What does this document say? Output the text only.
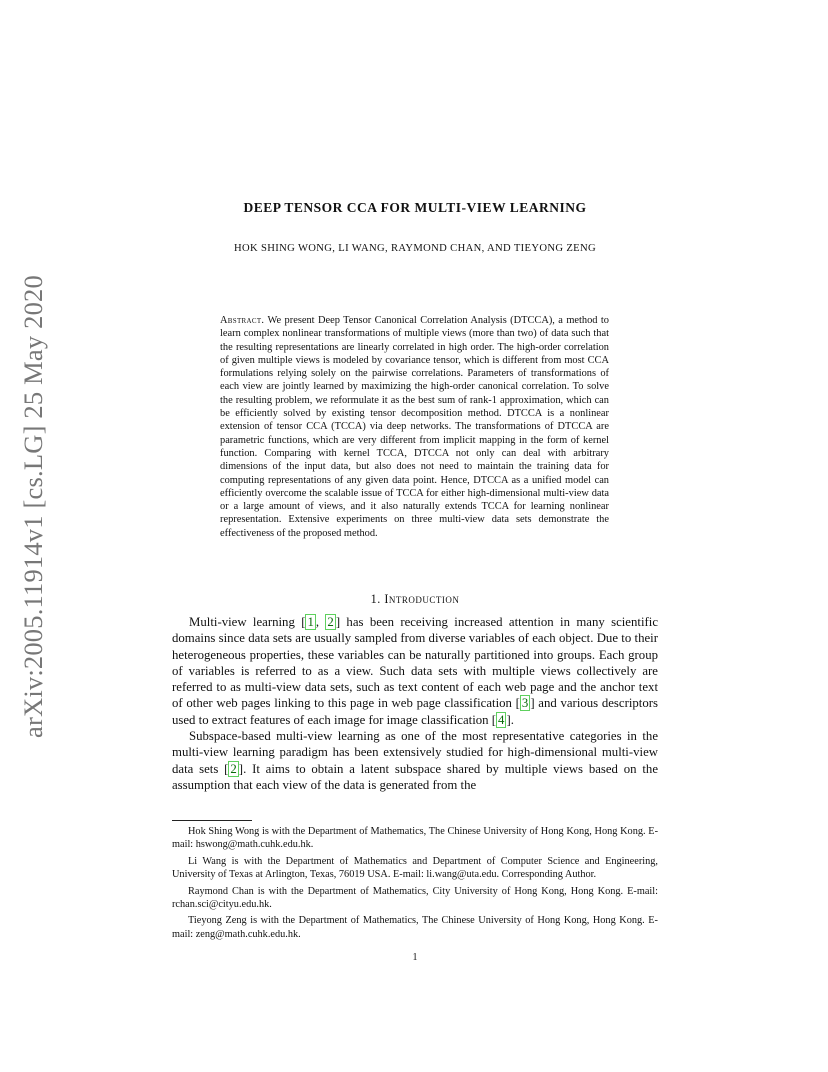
arXiv:2005.11914v1 [cs.LG] 25 May 2020
DEEP TENSOR CCA FOR MULTI-VIEW LEARNING
HOK SHING WONG, LI WANG, RAYMOND CHAN, AND TIEYONG ZENG
Abstract. We present Deep Tensor Canonical Correlation Analysis (DTCCA), a method to learn complex nonlinear transformations of multiple views (more than two) of data such that the resulting representations are linearly correlated in high order. The high-order correlation of given multiple views is modeled by covariance tensor, which is different from most CCA formulations relying solely on the pairwise correlations. Parameters of transformations of each view are jointly learned by maximizing the high-order canonical correlation. To solve the resulting problem, we reformulate it as the best sum of rank-1 approximation, which can be efficiently solved by existing tensor decomposition method. DTCCA is a nonlinear extension of tensor CCA (TCCA) via deep networks. The transformations of DTCCA are parametric functions, which are very different from implicit mapping in the form of kernel function. Comparing with kernel TCCA, DTCCA not only can deal with arbitrary dimensions of the input data, but also does not need to maintain the training data for computing representations of any given data point. Hence, DTCCA as a unified model can efficiently overcome the scalable issue of TCCA for either high-dimensional multi-view data or a large amount of views, and it also naturally extends TCCA for learning nonlinear representation. Extensive experiments on three multi-view data sets demonstrate the effectiveness of the proposed method.
1. Introduction

Multi-view learning [ 1 , 2 ] has been receiving increased attention in many scientific domains since data sets are usually sampled from diverse variables of each object. Due to their heterogeneous properties, these variables can be naturally partitioned into groups. Each group of variables is referred to as a view. Such data sets with multiple views collectively are referred to as multi-view data sets, such as text content of each web page and the anchor text of other web pages linking to this page in web page classification [ 3 ] and various descriptors used to extract features of each image for image classification [ 4 ].

Subspace-based multi-view learning as one of the most representative categories in the multi-view learning paradigm has been extensively studied for high-dimensional multi-view data sets [ 2 ]. It aims to obtain a latent subspace shared by multiple views based on the assumption that each view of the data is generated from the

Hok Shing Wong is with the Department of Mathematics, The Chinese University of Hong Kong, Hong Kong. E-mail: hswong@math.cuhk.edu.hk.

Li Wang is with the Department of Mathematics and Department of Computer Science and Engineering, University of Texas at Arlington, Texas, 76019 USA. E-mail: li.wang@uta.edu. Corresponding Author.

Raymond Chan is with the Department of Mathematics, City University of Hong Kong, Hong Kong. E-mail: rchan.sci@cityu.edu.hk.

Tieyong Zeng is with the Department of Mathematics, The Chinese University of Hong Kong, Hong Kong. E-mail: zeng@math.cuhk.edu.hk.

1
